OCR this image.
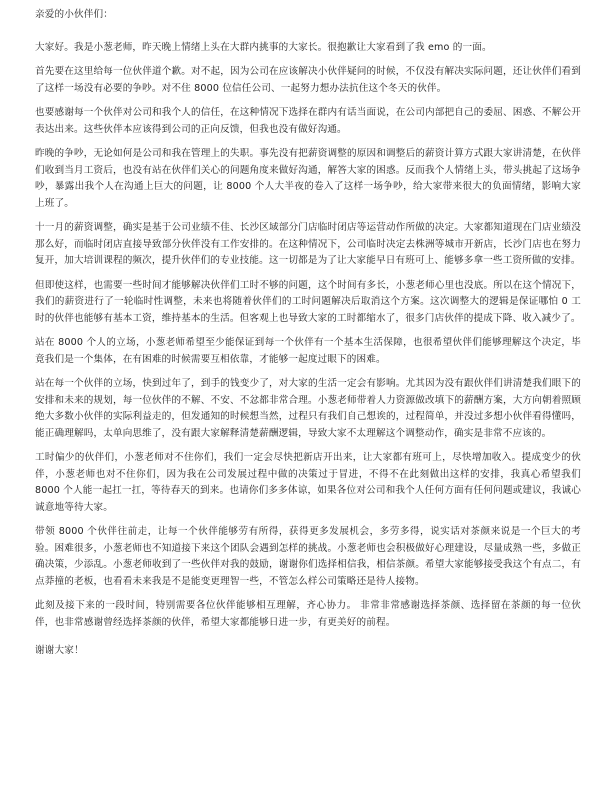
亲爱的小伙伴们：

大家好。我是小葱老师，昨天晚上情绪上头在大群内挑事的大家长。很抱歉让大家看到了我 emo 的一面。

首先要在这里给每一位伙伴道个歉。对不起，因为公司在应该解决小伙伴疑问的时候，不仅没有解决实际问题，还让伙伴们看到了这样一场没有必要的争吵。对不住 8000 位信任公司、一起努力想办法抗住这个冬天的伙伴。

也要感谢每一个伙伴对公司和我个人的信任，在这种情况下选择在群内有话当面说，在公司内部把自己的委屈、困惑、不解公开表达出来。这些伙伴本应该得到公司的正向反馈，但我也没有做好沟通。

昨晚的争吵，无论如何是公司和我在管理上的失职。事先没有把薪资调整的原因和调整后的薪资计算方式跟大家讲清楚，在伙伴们收到当月工资后，也没有站在伙伴们关心的问题角度来做好沟通，解答大家的困惑。反而我个人情绪上头，带头挑起了这场争吵，暴露出我个人在沟通上巨大的问题，让 8000 个人大半夜的卷入了这样一场争吵，给大家带来很大的负面情绪，影响大家上班了。

十一月的薪资调整，确实是基于公司业绩不佳、长沙区域部分门店临时闭店等运营动作所做的决定。大家都知道现在门店业绩没那么好，而临时闭店直接导致部分伙伴没有工作安排的。在这种情况下，公司临时决定去株洲等城市开新店，长沙门店也在努力复开，加大培训课程的频次，提升伙伴们的专业技能。这一切都是为了让大家能早日有班可上、能够多拿一些工资所做的安排。

但即使这样，也需要一些时间才能够解决伙伴们工时不够的问题，这个时间有多长，小葱老师心里也没底。所以在这个情况下，我们的薪资进行了一轮临时性调整，未来也将随着伙伴们的工时问题解决后取消这个方案。这次调整大的逻辑是保证哪怕 0 工时的伙伴也能够有基本工资，维持基本的生活。但客观上也导致大家的工时都缩水了，很多门店伙伴的提成下降、收入减少了。

站在 8000 个人的立场，小葱老师希望至少能保证到每一个伙伴有一个基本生活保障，也很希望伙伴们能够理解这个决定，毕竟我们是一个集体，在有困难的时候需要互相依靠，才能够一起度过眼下的困难。

站在每一个伙伴的立场，快到过年了，到手的钱变少了，对大家的生活一定会有影响。尤其因为没有跟伙伴们讲清楚我们眼下的安排和未来的规划，每一位伙伴的不解、不安、不忿都非常合理。小葱老师带着人力资源做改填下的薪酬方案，大方向朝着照顾绝大多数小伙伴的实际利益走的，但发通知的时候想当然，过程只有我们自己想诶的，过程简单，并没过多想小伙伴看得懂吗，能正确理解吗，太单向思维了，没有跟大家解释清楚薪酬逻辑，导致大家不太理解这个调整动作，确实是非常不应该的。

工时偏少的伙伴们，小葱老师对不住你们，我们一定会尽快把新店开出来，让大家都有班可上，尽快增加收入。提成变少的伙伴，小葱老师也对不住你们，因为我在公司发展过程中做的决策过于冒进，不得不在此刻做出这样的安排，我真心希望我们 8000 个人能一起扛一扛，等待春天的到来。也请你们多多体谅，如果各位对公司和我个人任何方面有任何问题或建议，我诚心诚意地等待大家。

带领 8000 个伙伴往前走，让每一个伙伴能够劳有所得，获得更多发展机会，多劳多得，说实话对茶颜来说是一个巨大的考验。困难很多，小葱老师也不知道接下来这个团队会遇到怎样的挑战。小葱老师也会积极做好心理建设，尽量成熟一些，多做正确决策，少添乱。小葱老师收到了一些伙伴对我的鼓励，谢谢你们选择相信我，相信茶颜。希望大家能够接受我这个有点二，有点莽撞的老板，也看看未来我是不是能变更理智一些，不管怎么样公司策略还是待人接物。

此刻及接下来的一段时间，特别需要各位伙伴能够相互理解，齐心协力。 非常非常感谢选择茶颜、选择留在茶颜的每一位伙伴，也非常感谢曾经选择茶颜的伙伴，希望大家都能够日进一步，有更美好的前程。

谢谢大家！
